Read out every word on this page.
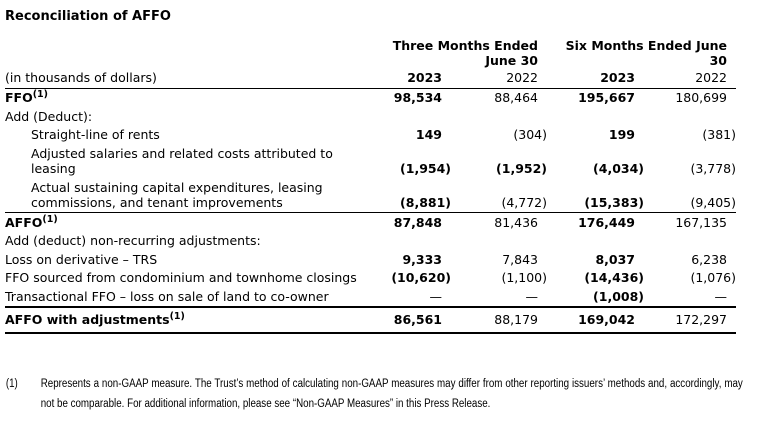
Reconciliation of AFFO

Three Months Ended
June 30

Six Months Ended June
30

(in thousands of dollars)	2023	2022	2023	2022
FFO$^{(1)}$	98,534	88,464	195,667	180,699
Add (Deduct):				
Straight-line of rents	149	(304)	199	(381)
Adjusted salaries and related costs attributed to leasing	(1,954)	(1,952)	(4,034)	(3,778)
Actual sustaining capital expenditures, leasing commissions, and tenant improvements	(8,881)	(4,772)	(15,383)	(9,405)
AFFO$^{(1)}$	87,848	81,436	176,449	167,135
Add (deduct) non-recurring adjustments:				
Loss on derivative – TRS	9,333	7,843	8,037	6,238
FFO sourced from condominium and townhome closings	(10,620)	(1,100)	(14,436)	(1,076)
Transactional FFO – loss on sale of land to co-owner	—	—	(1,008)	—
AFFO with adjustments$^{(1)}$	86,561	88,179	169,042	172,297
(1) Represents a non-GAAP measure. The Trust’s method of calculating non-GAAP measures may differ from other reporting issuers’ methods and, accordingly, may not be comparable. For additional information, please see “Non-GAAP Measures” in this Press Release.
